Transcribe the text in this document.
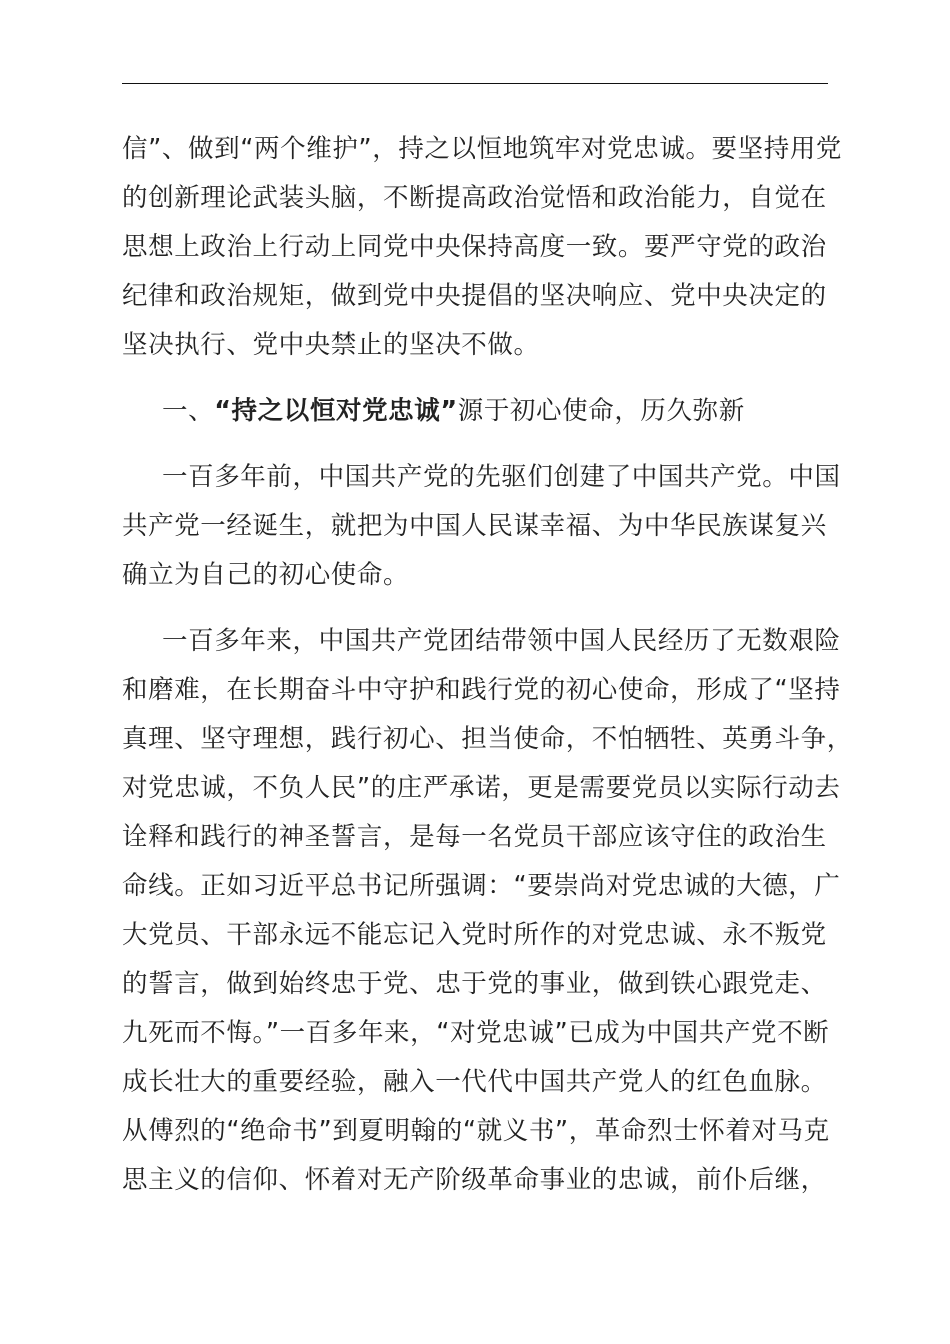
信”、做到“两个维护”，持之以恒地筑牢对党忠诚。要坚持用党
的创新理论武装头脑，不断提高政治觉悟和政治能力，自觉在
思想上政治上行动上同党中央保持高度一致。要严守党的政治
纪律和政治规矩，做到党中央提倡的坚决响应、党中央决定的
坚决执行、党中央禁止的坚决不做。
一、“持之以恒对党忠诚”源于初心使命，历久弥新
一百多年前，中国共产党的先驱们创建了中国共产党。中国
共产党一经诞生，就把为中国人民谋幸福、为中华民族谋复兴
确立为自己的初心使命。
一百多年来，中国共产党团结带领中国人民经历了无数艰险
和磨难，在长期奋斗中守护和践行党的初心使命，形成了“坚持
真理、坚守理想，践行初心、担当使命，不怕牺牲、英勇斗争，
对党忠诚，不负人民”的庄严承诺，更是需要党员以实际行动去
诠释和践行的神圣誓言，是每一名党员干部应该守住的政治生
命线。正如习近平总书记所强调：“要崇尚对党忠诚的大德，广
大党员、干部永远不能忘记入党时所作的对党忠诚、永不叛党
的誓言，做到始终忠于党、忠于党的事业，做到铁心跟党走、
九死而不悔。”一百多年来，“对党忠诚”已成为中国共产党不断
成长壮大的重要经验，融入一代代中国共产党人的红色血脉。
从傅烈的“绝命书”到夏明翰的“就义书”，革命烈士怀着对马克
思主义的信仰、怀着对无产阶级革命事业的忠诚，前仆后继，
